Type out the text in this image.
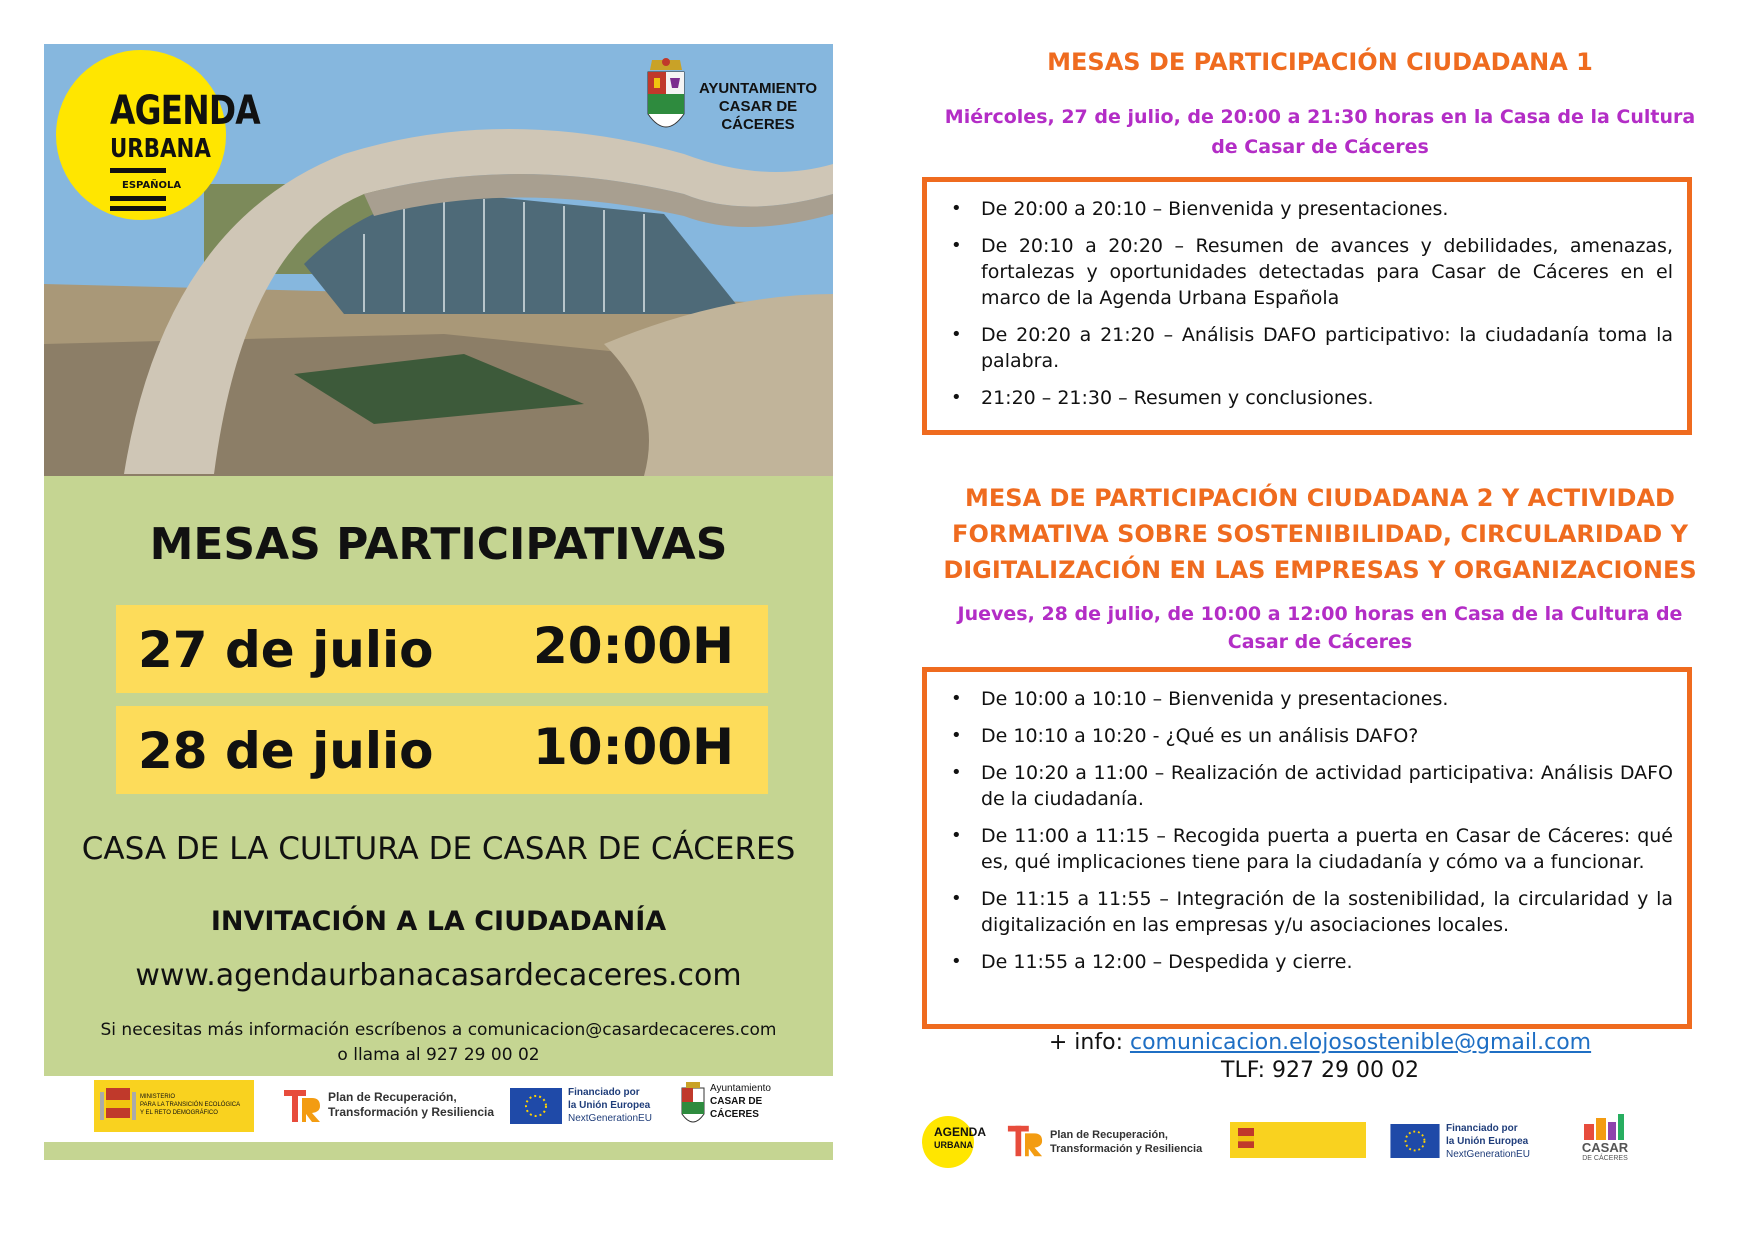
AGENDA
URBANA
ESPAÑOLA
AYUNTAMIENTO
CASAR DE
CÁCERES
MESAS PARTICIPATIVAS
27 de julio 20:00H
28 de julio 10:00H
CASA DE LA CULTURA DE CASAR DE CÁCERES
INVITACIÓN A LA CIUDADANÍA
www.agendaurbanacasardecaceres.com
Si necesitas más información escríbenos a comunicacion@casardecaceres.com
o llama al 927 29 00 02
MINISTERIO
PARA LA TRANSICIÓN ECOLÓGICA
Y EL RETO DEMOGRÁFICO
Plan de Recuperación,
Transformación y Resiliencia
Financiado por
la Unión Europea
NextGenerationEU
Ayuntamiento
CASAR DE
CÁCERES
MESAS DE PARTICIPACIÓN CIUDADANA 1
Miércoles, 27 de julio, de 20:00 a 21:30 horas en la Casa de la Cultura
de Casar de Cáceres
• De 20:00 a 20:10 – Bienvenida y presentaciones.
• De 20:10 a 20:20 – Resumen de avances y debilidades, amenazas, fortalezas y oportunidades detectadas para Casar de Cáceres en el marco de la Agenda Urbana Española
• De 20:20 a 21:20 – Análisis DAFO participativo: la ciudadanía toma la palabra.
• 21:20 – 21:30 – Resumen y conclusiones.
MESA DE PARTICIPACIÓN CIUDADANA 2 Y ACTIVIDAD
FORMATIVA SOBRE SOSTENIBILIDAD, CIRCULARIDAD Y
DIGITALIZACIÓN EN LAS EMPRESAS Y ORGANIZACIONES
Jueves, 28 de julio, de 10:00 a 12:00 horas en Casa de la Cultura de
Casar de Cáceres
• De 10:00 a 10:10 – Bienvenida y presentaciones.
• De 10:10 a 10:20 - ¿Qué es un análisis DAFO?
• De 10:20 a 11:00 – Realización de actividad participativa: Análisis DAFO de la ciudadanía.
• De 11:00 a 11:15 – Recogida puerta a puerta en Casar de Cáceres: qué es, qué implicaciones tiene para la ciudadanía y cómo va a funcionar.
• De 11:15 a 11:55 – Integración de la sostenibilidad, la circularidad y la digitalización en las empresas y/u asociaciones locales.
• De 11:55 a 12:00 – Despedida y cierre.
+ info: comunicacion.elojosostenible@gmail.com
TLF: 927 29 00 02
AGENDA
URBANA
Plan de Recuperación,
Transformación y Resiliencia
Financiado por
la Unión Europea
NextGenerationEU	CASAR
DE CÁCERES
